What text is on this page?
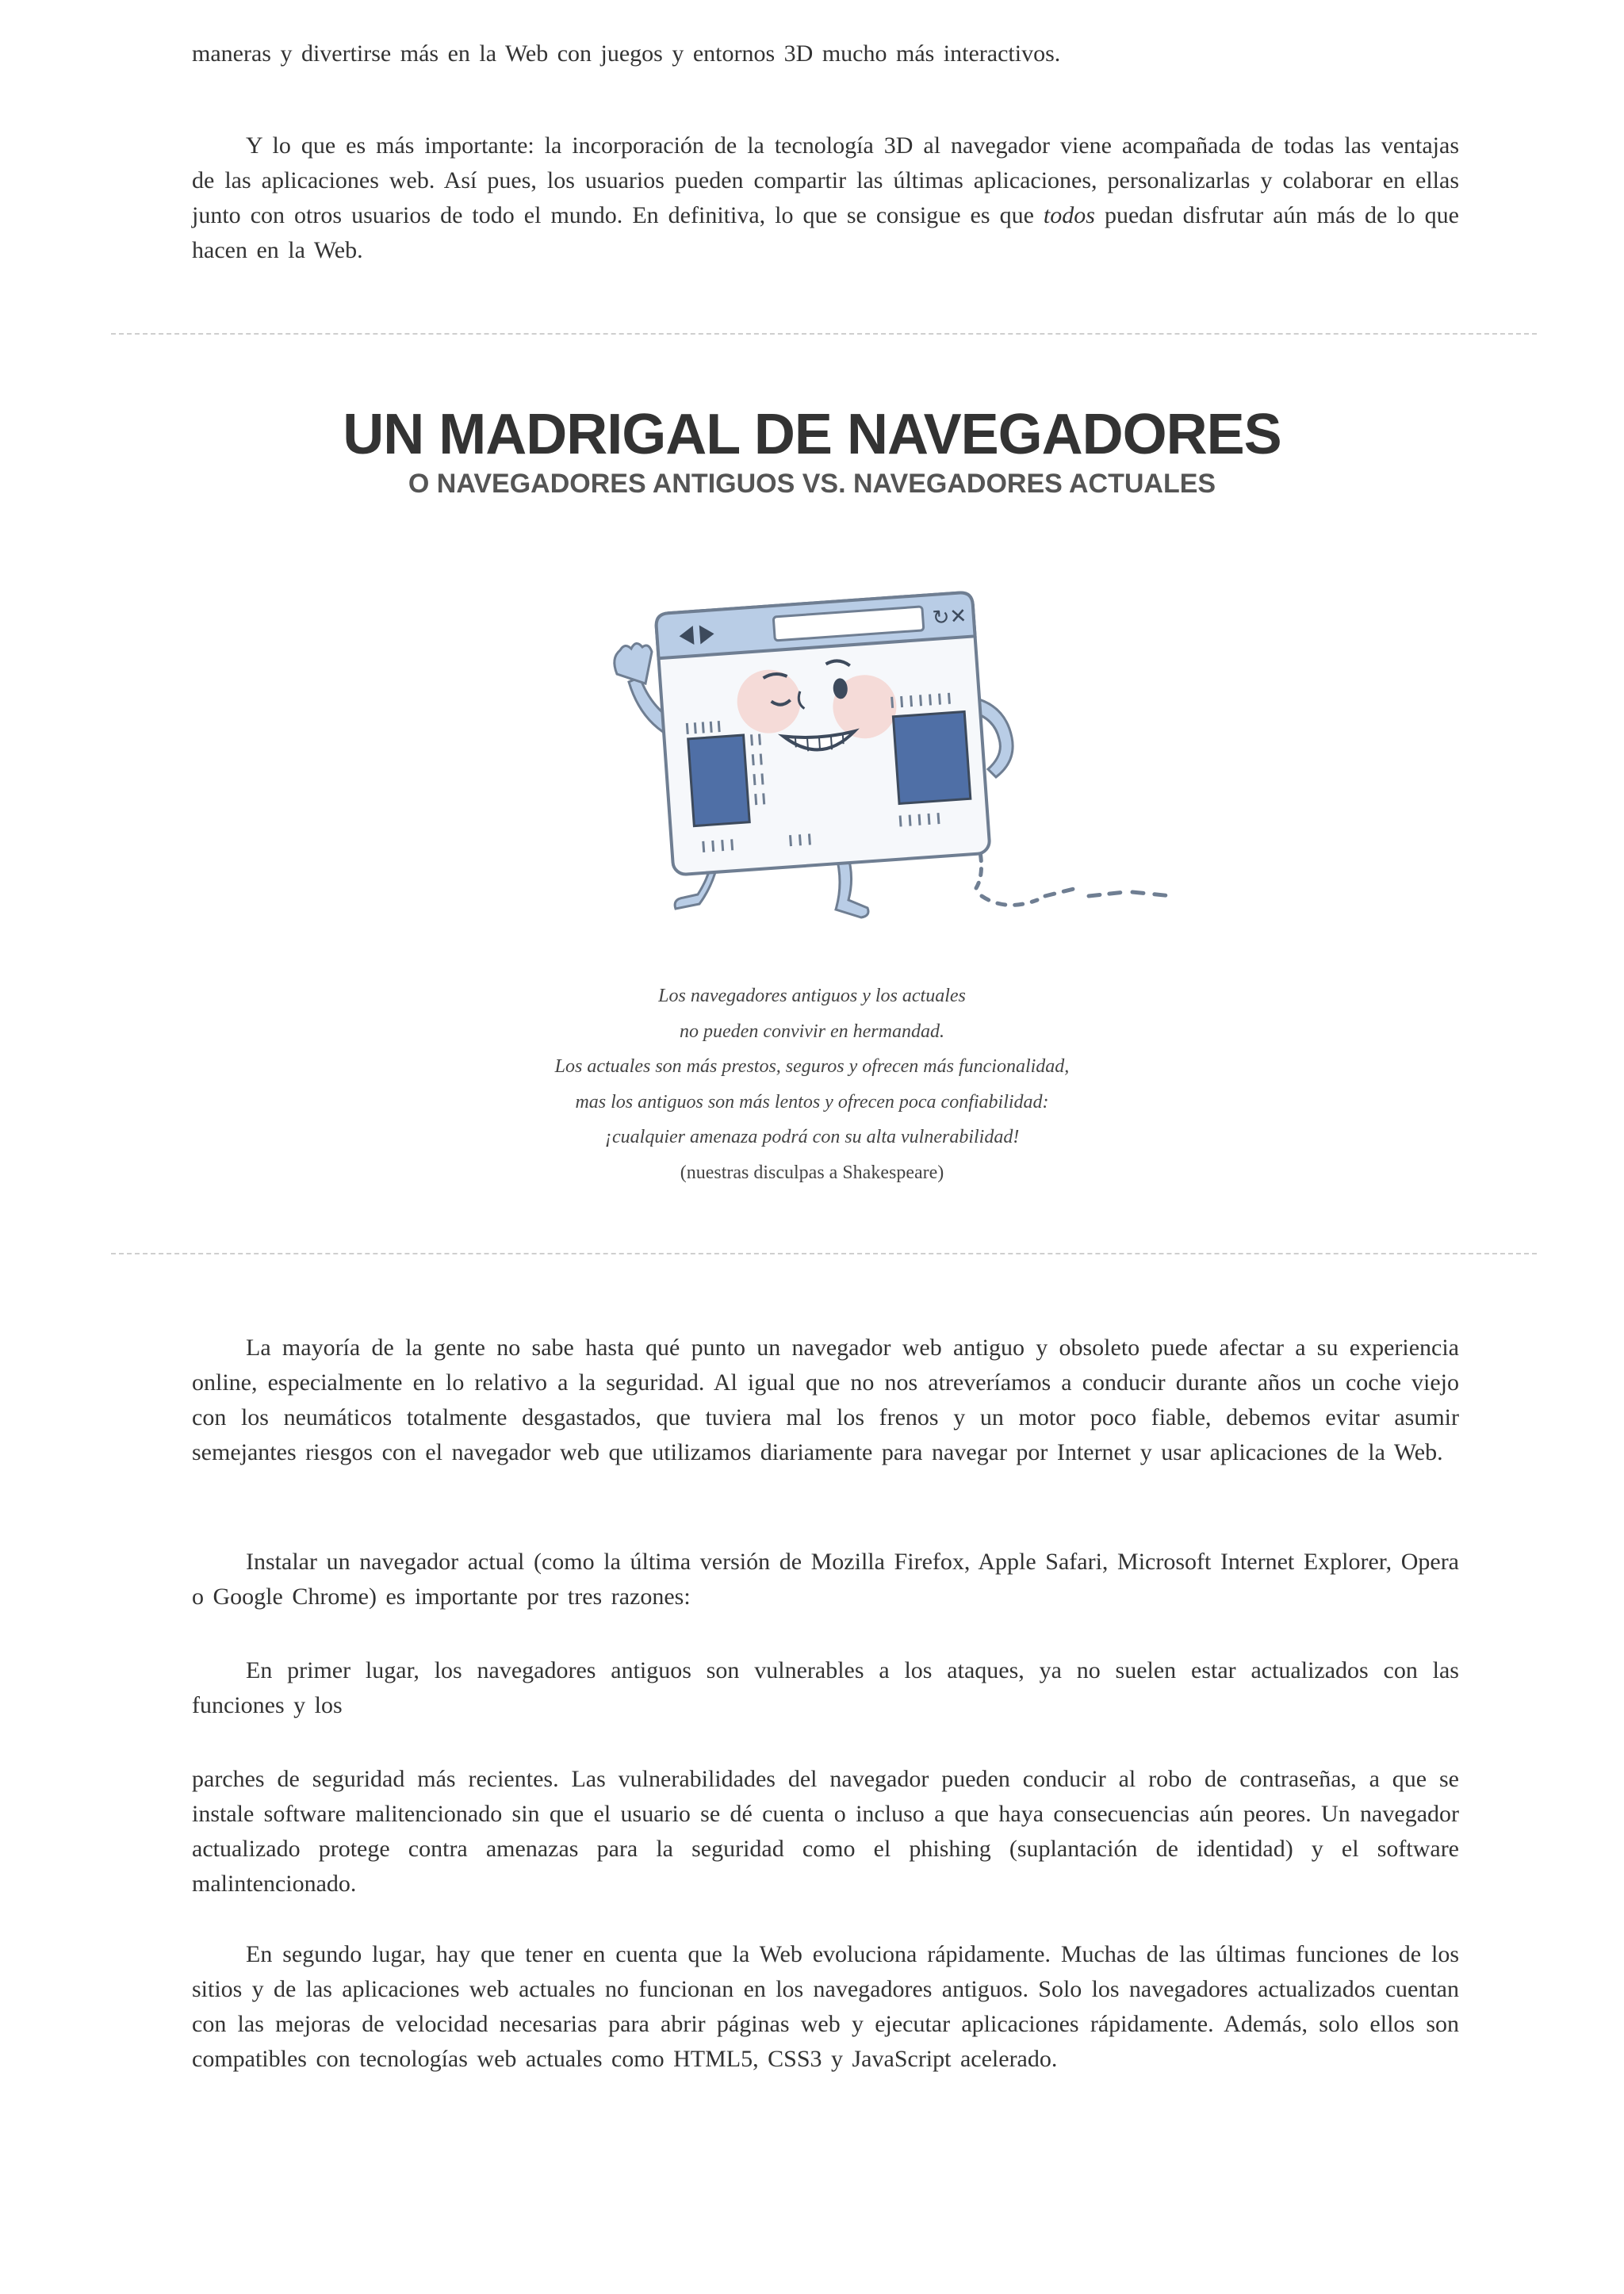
maneras y divertirse más en la Web con juegos y entornos 3D mucho más interactivos.

Y lo que es más importante: la incorporación de la tecnología 3D al navegador viene acompañada de todas las ventajas de las aplicaciones web. Así pues, los usuarios pueden compartir las últimas aplicaciones, personalizarlas y colaborar en ellas junto con otros usuarios de todo el mundo. En definitiva, lo que se consigue es que todos puedan disfrutar aún más de lo que hacen en la Web.

UN MADRIGAL DE NAVEGADORES
O NAVEGADORES ANTIGUOS VS. NAVEGADORES ACTUALES
↻✕
Los navegadores antiguos y los actuales
no pueden convivir en hermandad.
Los actuales son más prestos, seguros y ofrecen más funcionalidad,
mas los antiguos son más lentos y ofrecen poca confiabilidad:
¡cualquier amenaza podrá con su alta vulnerabilidad!
(nuestras disculpas a Shakespeare)

La mayoría de la gente no sabe hasta qué punto un navegador web antiguo y obsoleto puede afectar a su experiencia online, especialmente en lo relativo a la seguridad. Al igual que no nos atreveríamos a conducir durante años un coche viejo con los neumáticos totalmente desgastados, que tuviera mal los frenos y un motor poco fiable, debemos evitar asumir semejantes riesgos con el navegador web que utilizamos diariamente para navegar por Internet y usar aplicaciones de la Web.

Instalar un navegador actual (como la última versión de Mozilla Firefox, Apple Safari, Microsoft Internet Explorer, Opera o Google Chrome) es importante por tres razones:

En primer lugar, los navegadores antiguos son vulnerables a los ataques, ya no suelen estar actualizados con las funciones y los

parches de seguridad más recientes. Las vulnerabilidades del navegador pueden conducir al robo de contraseñas, a que se instale software malitencionado sin que el usuario se dé cuenta o incluso a que haya consecuencias aún peores. Un navegador actualizado protege contra amenazas para la seguridad como el phishing (suplantación de identidad) y el software malintencionado.

En segundo lugar, hay que tener en cuenta que la Web evoluciona rápidamente. Muchas de las últimas funciones de los sitios y de las aplicaciones web actuales no funcionan en los navegadores antiguos. Solo los navegadores actualizados cuentan con las mejoras de velocidad necesarias para abrir páginas web y ejecutar aplicaciones rápidamente. Además, solo ellos son compatibles con tecnologías web actuales como HTML5, CSS3 y JavaScript acelerado.
